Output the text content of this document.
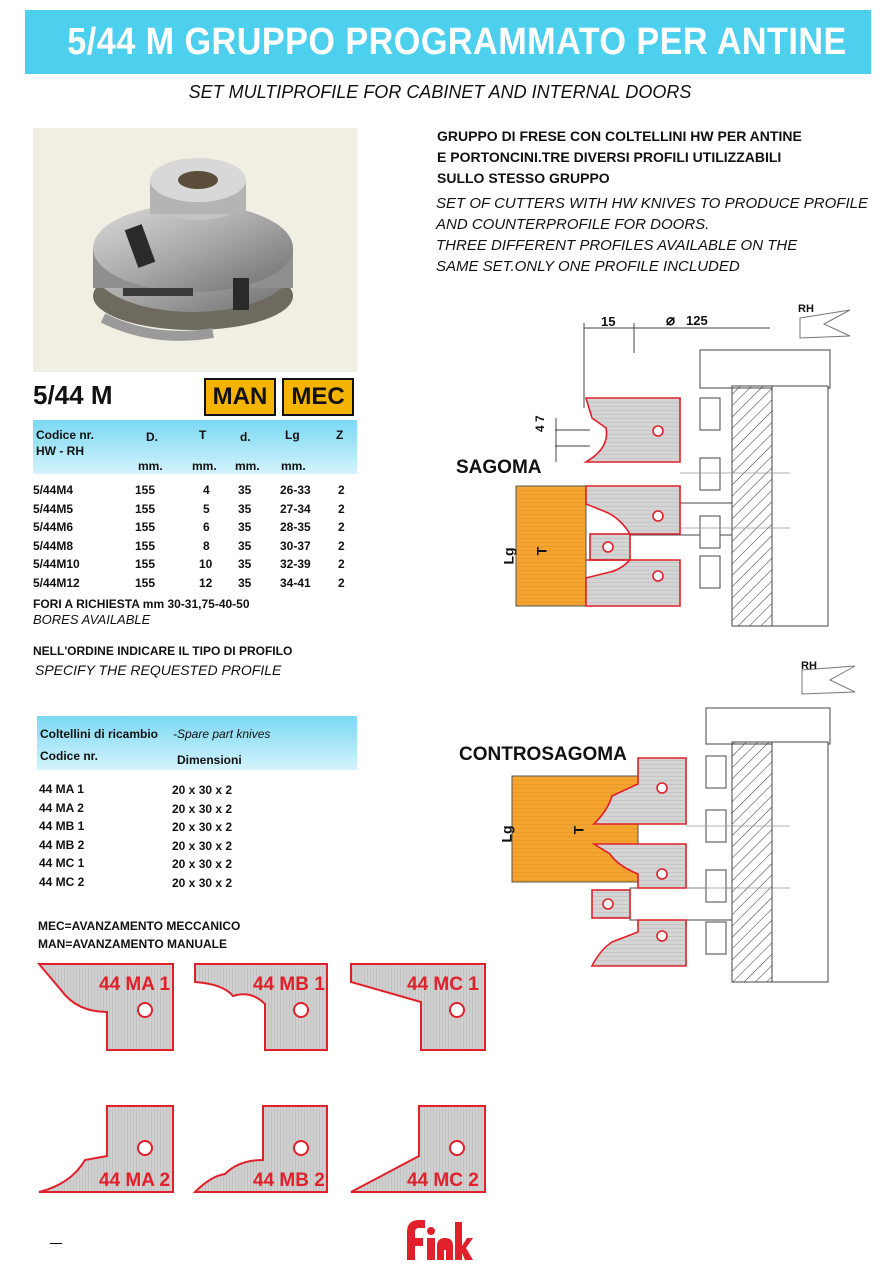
5/44 M GRUPPO PROGRAMMATO PER ANTINE
SET MULTIPROFILE FOR CABINET AND INTERNAL DOORS
5/44 M	MAN	MEC
GRUPPO DI FRESE CON COLTELLINI HW PER ANTINE
E PORTONCINI.TRE DIVERSI PROFILI UTILIZZABILI
SULLO STESSO GRUPPO
SET OF CUTTERS WITH HW KNIVES TO PRODUCE PROFILE
AND COUNTERPROFILE FOR DOORS.
THREE DIFFERENT PROFILES AVAILABLE ON THE
SAME SET.ONLY ONE PROFILE INCLUDED
Codice nr.
HW - RH
D.	T	d.	Lg	Z
mm. mm. mm. mm.
5/44M4	155	4 35 26-33 2
5/44M5	155	5 35 27-34 2
5/44M6	155	6 35 28-35 2
5/44M8	155	8 35 30-37 2
5/44M10	155	10 35 32-39 2
5/44M12	155	12 35 34-41 2
FORI A RICHIESTA mm 30-31,75-40-50
BORES AVAILABLE
NELL'ORDINE INDICARE IL TIPO DI PROFILO
SPECIFY THE REQUESTED PROFILE
Coltellini di ricambio -Spare part knives
Codice nr.	Dimensioni
44 MA 1	20 x 30 x 2
44 MA 2	20 x 30 x 2
44 MB 1	20 x 30 x 2
44 MB 2	20 x 30 x 2
44 MC 1	20 x 30 x 2
44 MC 2	20 x 30 x 2
MEC=AVANZAMENTO MECCANICO
MAN=AVANZAMENTO MANUALE
SAGOMA
15	⌀ 125
4 7
RH
Lg T
CONTROSAGOMA
RH
Lg	T
44 MA 1	44 MB 1	44 MC 1
44 MA 2	44 MB 2	44 MC 2
